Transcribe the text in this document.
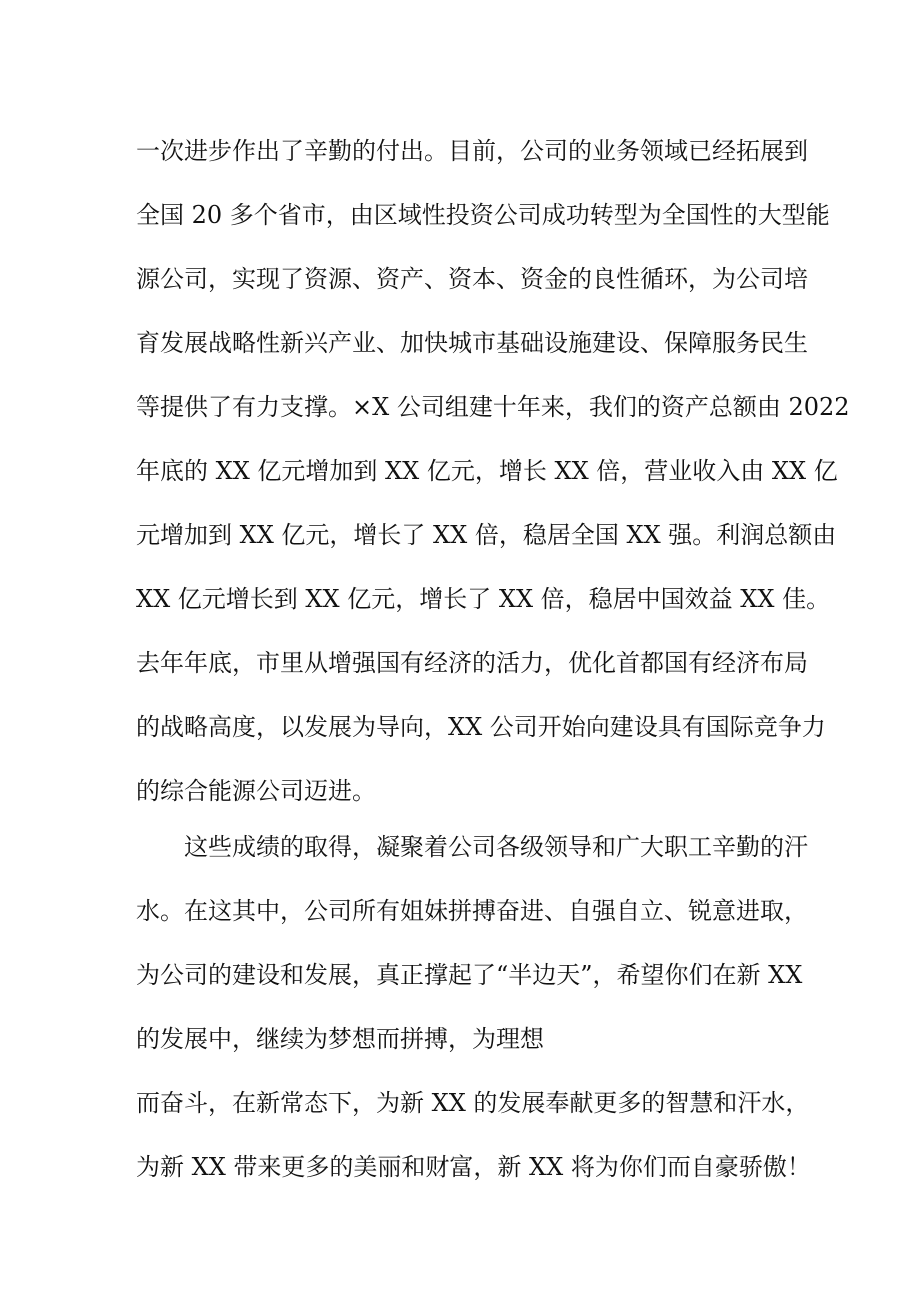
一次进步作出了辛勤的付出。目前，公司的业务领域已经拓展到
全国 20 多个省市，由区域性投资公司成功转型为全国性的大型能
源公司，实现了资源、资产、资本、资金的良性循环，为公司培
育发展战略性新兴产业、加快城市基础设施建设、保障服务民生
等提供了有力支撑。×X 公司组建十年来，我们的资产总额由 2022
年底的 XX 亿元增加到 XX 亿元，增长 XX 倍，营业收入由 XX 亿
元增加到 XX 亿元，增长了 XX 倍，稳居全国 XX 强。利润总额由
XX 亿元增长到 XX 亿元，增长了 XX 倍，稳居中国效益 XX 佳。
去年年底，市里从增强国有经济的活力，优化首都国有经济布局
的战略高度，以发展为导向，XX 公司开始向建设具有国际竞争力
的综合能源公司迈进。
这些成绩的取得，凝聚着公司各级领导和广大职工辛勤的汗
水。在这其中，公司所有姐妹拼搏奋进、自强自立、锐意进取，
为公司的建设和发展，真正撑起了“半边天”，希望你们在新 XX
的发展中，继续为梦想而拼搏，为理想
而奋斗，在新常态下，为新 XX 的发展奉献更多的智慧和汗水，
为新 XX 带来更多的美丽和财富，新 XX 将为你们而自豪骄傲！
